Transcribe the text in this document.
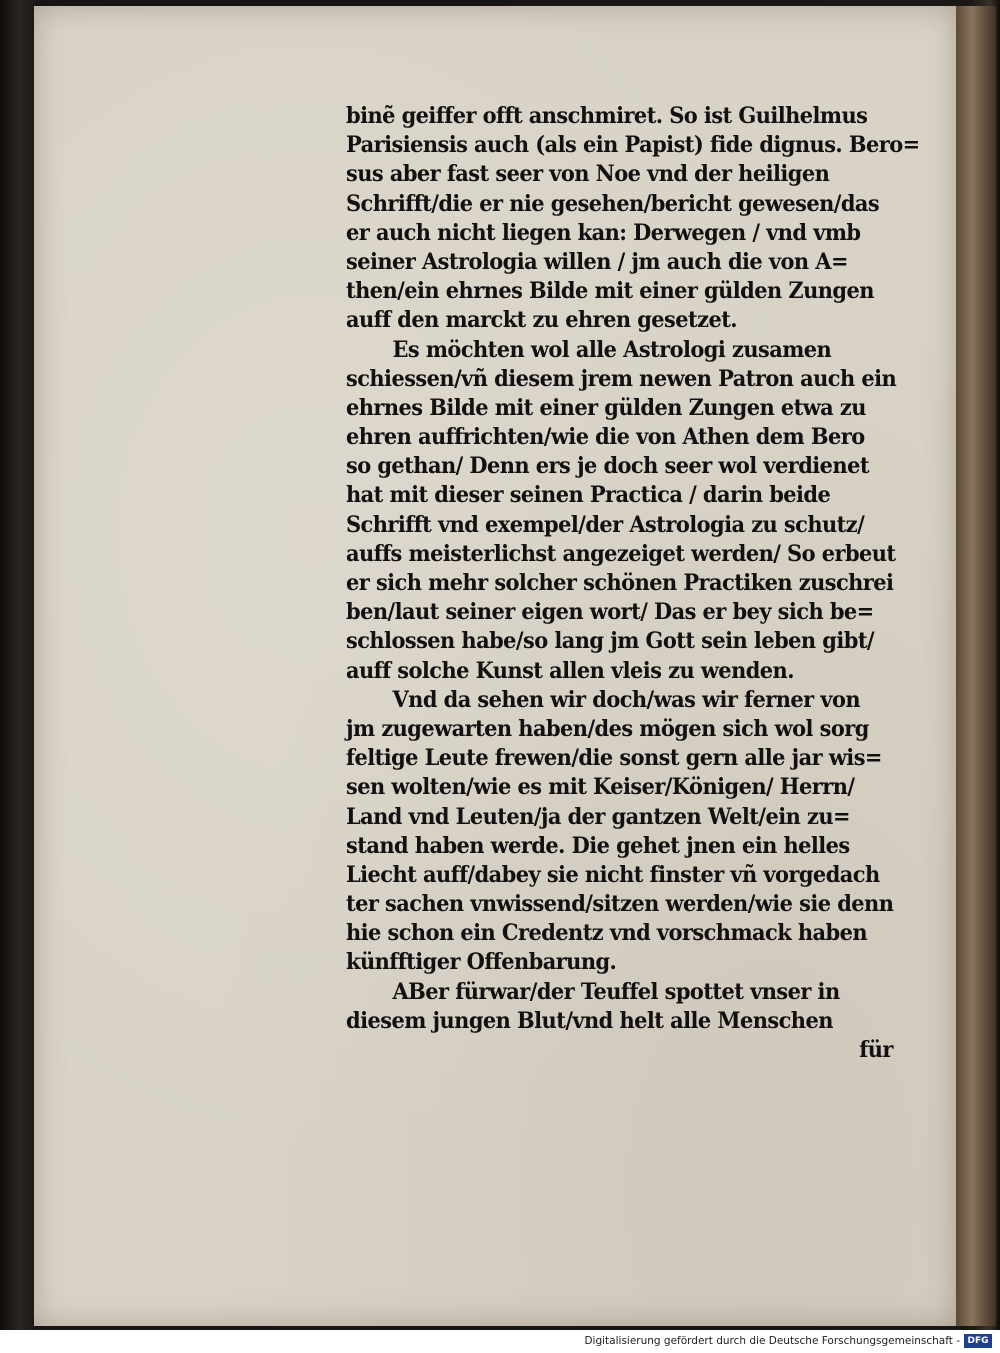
binẽ geiffer offt anschmiret. So ist Guilhelmus
Parisiensis auch (als ein Papist) fide dignus. Bero=
sus aber fast seer von Noe vnd der heiligen
Schrifft/die er nie gesehen/bericht gewesen/das
er auch nicht liegen kan: Derwegen / vnd vmb
seiner Astrologia willen / jm auch die von A=
then/ein ehrnes Bilde mit einer gülden Zungen
auff den marckt zu ehren gesetzet.
Es möchten wol alle Astrologi zusamen
schiessen/vñ diesem jrem newen Patron auch ein
ehrnes Bilde mit einer gülden Zungen etwa zu
ehren auffrichten/wie die von Athen dem Bero
so gethan/ Denn ers je doch seer wol verdienet
hat mit dieser seinen Practica / darin beide
Schrifft vnd exempel/der Astrologia zu schutz/
auffs meisterlichst angezeiget werden/ So erbeut
er sich mehr solcher schönen Practiken zuschrei
ben/laut seiner eigen wort/ Das er bey sich be=
schlossen habe/so lang jm Gott sein leben gibt/
auff solche Kunst allen vleis zu wenden.
Vnd da sehen wir doch/was wir ferner von
jm zugewarten haben/des mögen sich wol sorg
feltige Leute frewen/die sonst gern alle jar wis=
sen wolten/wie es mit Keiser/Königen/ Herrn/
Land vnd Leuten/ja der gantzen Welt/ein zu=
stand haben werde. Die gehet jnen ein helles
Liecht auff/dabey sie nicht finster vñ vorgedach
ter sachen vnwissend/sitzen werden/wie sie denn
hie schon ein Credentz vnd vorschmack haben
künfftiger Offenbarung.
ABer fürwar/der Teuffel spottet vnser in
diesem jungen Blut/vnd helt alle Menschen
für
Digitalisierung gefördert durch die Deutsche Forschungsgemeinschaft - DFG
